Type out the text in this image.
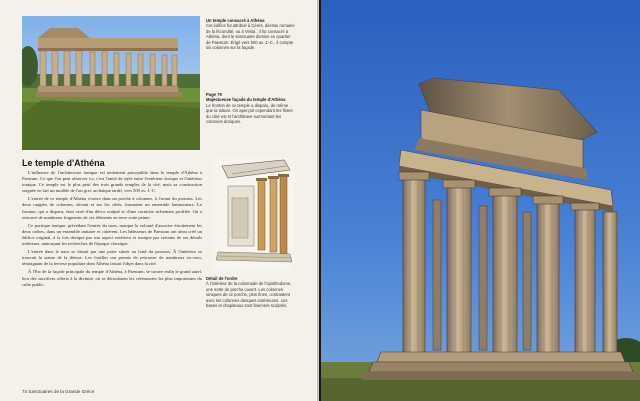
Un temple consacré à Athéna
Cet édifice fut attribué à Cérès, déesse romaine de la fécondité, ou à Vesta ; il fut consacré à Athéna, dont le sanctuaire domine ce quartier de Paestum. Érigé vers 500 av. J.-C., il compte six colonnes sur la façade.
Page 79
Majestueuse façade du temple d'Athéna
Le fronton de ce temple a disparu, de même que la toiture. On aperçoit cependant les frises du côté est et l'architrave surmontant les colonnes doriques.
Le temple d'Athéna

L'influence de l'architecture ionique est nettement perceptible dans le temple d'Athéna à Paestum. Ce que l'on peut observer ici, c'est l'unité de style entre l'extérieur dorique et l'intérieur ionique. Ce temple est le plus petit des trois grands temples de la cité, mais sa construction soignée en fait un modèle de l'art grec archaïque tardif, vers 500 av. J.-C.

L'entrée de ce temple d'Athéna s'ouvre dans un porche à colonnes, à l'avant du pronaos. Les deux rangées de colonnes, devant et sur les côtés, formaient un ensemble harmonieux. Le fronton, qui a disparu, était orné d'un décor sculpté et d'une corniche richement profilée. On a retrouvé de nombreux fragments de ces éléments en terre cuite peinte.

Ce portique ionique, précédant l'entrée du naos, marque la volonté d'associer étroitement les deux ordres, dans un ensemble unitaire et cohérent. Les bâtisseurs de Paestum ont ainsi créé un édifice original, à la fois dorique par son aspect extérieur et ionique par certains de ses détails intérieurs, annonçant les recherches de l'époque classique.

L'entrée dans le naos se faisait par une porte située au fond du pronaos. À l'intérieur se trouvait la statue de la déesse. Les fouilles ont permis de retrouver de nombreux ex-voto, témoignant de la ferveur populaire dont Athéna faisait l'objet dans la cité.

À l'Est de la façade principale du temple d'Athéna, à Paestum, se trouve enfin le grand autel, lieu des sacrifices offerts à la divinité, où se déroulaient les cérémonies les plus importantes du culte public.

Détail de l'ordre
À l'intérieur de la colonnade de l'opisthodome, une sorte de porche ouvert. Les colonnes ioniques de ce porche, plus fines, contrastent avec les colonnes doriques extérieures. Les bases et chapiteaux sont finement sculptés.
74 Sanctuaires de la Grande Grèce
